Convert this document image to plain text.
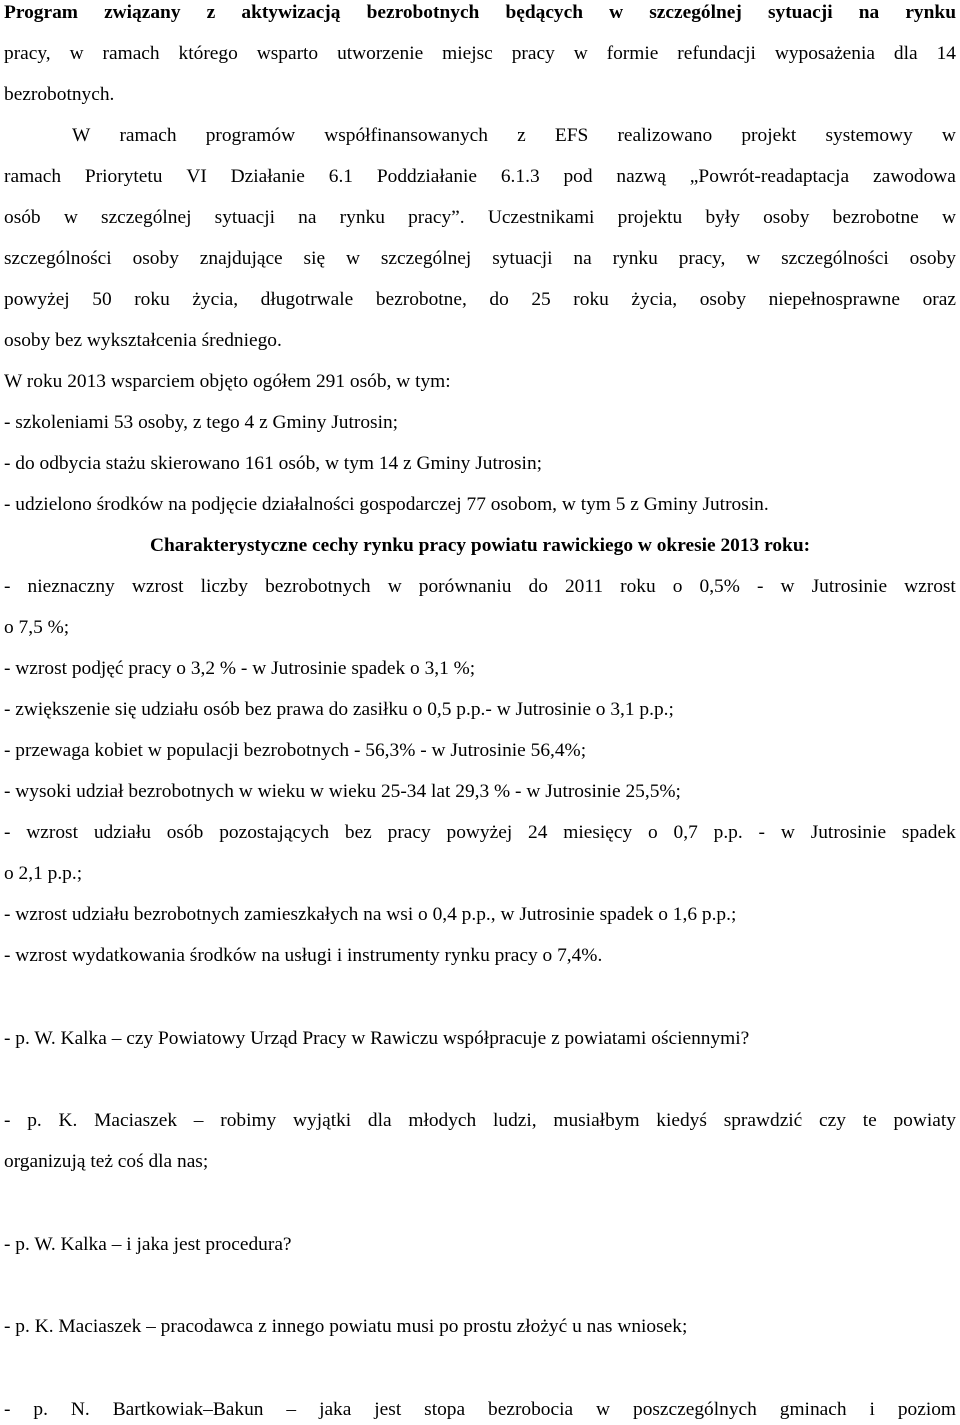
Program związany z aktywizacją bezrobotnych będących w szczególnej sytuacji na rynku
pracy, w ramach którego wsparto utworzenie miejsc pracy w formie refundacji wyposażenia dla 14
bezrobotnych.
W ramach programów współfinansowanych z EFS realizowano projekt systemowy w
ramach Priorytetu VI Działanie 6.1 Poddziałanie 6.1.3 pod nazwą „Powrót-readaptacja zawodowa
osób w szczególnej sytuacji na rynku pracy”. Uczestnikami projektu były osoby bezrobotne w
szczególności osoby znajdujące się w szczególnej sytuacji na rynku pracy, w szczególności osoby
powyżej 50 roku życia, długotrwale bezrobotne, do 25 roku życia, osoby niepełnosprawne oraz
osoby bez wykształcenia średniego.
W roku 2013 wsparciem objęto ogółem 291 osób, w tym:
- szkoleniami 53 osoby, z tego 4 z Gminy Jutrosin;
- do odbycia stażu skierowano 161 osób, w tym 14 z Gminy Jutrosin;
- udzielono środków na podjęcie działalności gospodarczej 77 osobom, w tym 5 z Gminy Jutrosin.
Charakterystyczne cechy rynku pracy powiatu rawickiego w okresie 2013 roku:
- nieznaczny wzrost liczby bezrobotnych w porównaniu do 2011 roku o 0,5% - w Jutrosinie wzrost
o 7,5 %;
- wzrost podjęć pracy o 3,2 % - w Jutrosinie spadek o 3,1 %;
- zwiększenie się udziału osób bez prawa do zasiłku o 0,5 p.p.- w Jutrosinie o 3,1 p.p.;
- przewaga kobiet w populacji bezrobotnych - 56,3% - w Jutrosinie 56,4%;
- wysoki udział bezrobotnych w wieku w wieku 25-34 lat 29,3 % - w Jutrosinie 25,5%;
- wzrost udziału osób pozostających bez pracy powyżej 24 miesięcy o 0,7 p.p. - w Jutrosinie spadek
o 2,1 p.p.;
- wzrost udziału bezrobotnych zamieszkałych na wsi o 0,4 p.p., w Jutrosinie spadek o 1,6 p.p.;
- wzrost wydatkowania środków na usługi i instrumenty rynku pracy o 7,4%.
- p. W. Kalka – czy Powiatowy Urząd Pracy w Rawiczu współpracuje z powiatami ościennymi?
- p. K. Maciaszek – robimy wyjątki dla młodych ludzi, musiałbym kiedyś sprawdzić czy te powiaty
organizują też coś dla nas;
- p. W. Kalka – i jaka jest procedura?
- p. K. Maciaszek – pracodawca z innego powiatu musi po prostu złożyć u nas wniosek;
- p. N. Bartkowiak–Bakun – jaka jest stopa bezrobocia w poszczególnych gminach i poziom
